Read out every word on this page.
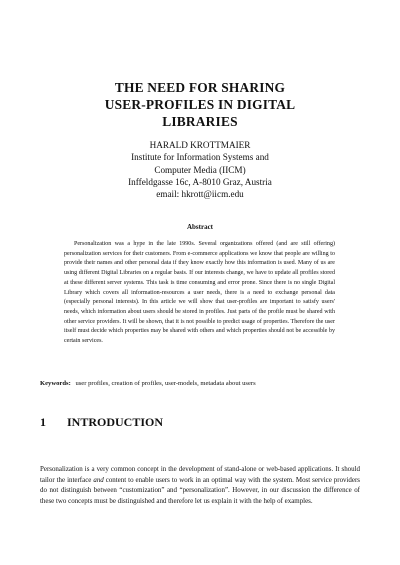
THE NEED FOR SHARING
USER-PROFILES IN DIGITAL
LIBRARIES
HARALD KROTTMAIER
Institute for Information Systems and
Computer Media (IICM)
Inffeldgasse 16c, A-8010 Graz, Austria
email: hkrott@iicm.edu
Abstract

Personalization was a hype in the late 1990s. Several organizations offered (and are still offering) personalization services for their customers. From e-commerce applications we know that people are willing to provide their names and other personal data if they know exactly how this information is used. Many of us are using different Digital Libraries on a regular basis. If our interests change, we have to update all profiles stored at these different server systems. This task is time consuming and error prone. Since there is no single Digital Library which covers all information-resources a user needs, there is a need to exchange personal data (especially personal interests). In this article we will show that user-profiles are important to satisfy users' needs, which information about users should be stored in profiles. Just parts of the profile must be shared with other service providers. It will be shown, that it is not possible to predict usage of properties. Therefore the user itself must decide which properties may be shared with others and which properties should not be accessible by certain services.

Keywords: user profiles, creation of profiles, user-models, metadata about users
1 INTRODUCTION

Personalization is a very common concept in the development of stand-alone or web-based applications. It should tailor the interface and content to enable users to work in an optimal way with the system. Most service providers do not distinguish between “customization” and “personalization”. However, in our discussion the difference of these two concepts must be distinguished and therefore let us explain it with the help of examples.
